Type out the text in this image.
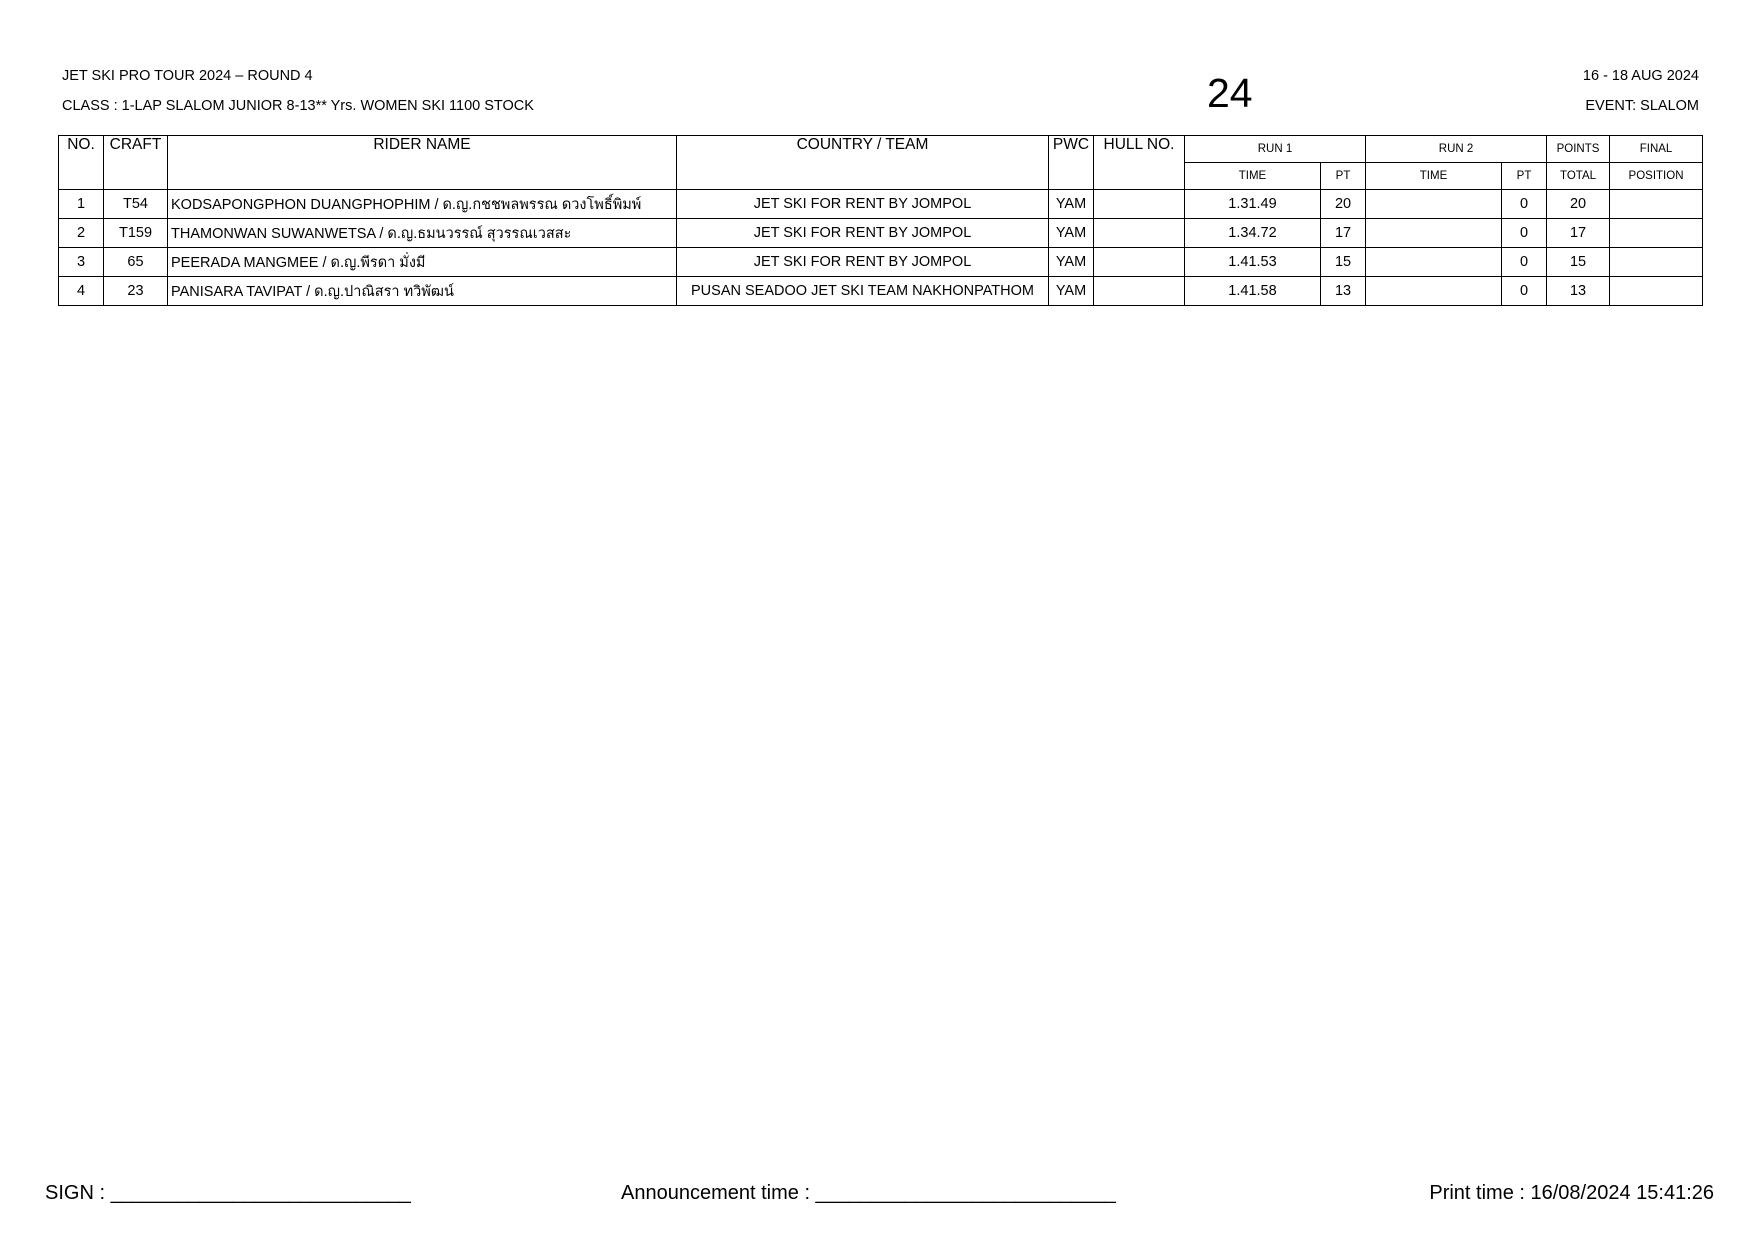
JET SKI PRO TOUR 2024 – ROUND 4
CLASS : 1-LAP SLALOM JUNIOR 8-13** Yrs. WOMEN SKI 1100 STOCK	24	16 - 18 AUG 2024
EVENT: SLALOM
NO.	CRAFT	RIDER NAME	COUNTRY / TEAM	PWC	HULL NO.	RUN 1		RUN 2		POINTS	FINAL
						TIME	PT	TIME	PT	TOTAL	POSITION
1	T54	KODSAPONGPHON DUANGPHOPHIM / ด.ญ.กชชพลพรรณ ดวงโพธิ์พิมพ์	JET SKI FOR RENT BY JOMPOL	YAM		1.31.49	20		0	20	
2	T159	THAMONWAN SUWANWETSA / ด.ญ.ธมนวรรณ์ สุวรรณเวสสะ	JET SKI FOR RENT BY JOMPOL	YAM		1.34.72	17		0	17	
3	65	PEERADA MANGMEE / ด.ญ.พีรดา มั่งมี	JET SKI FOR RENT BY JOMPOL	YAM		1.41.53	15		0	15	
4	23	PANISARA TAVIPAT / ด.ญ.ปาณิสรา ทวิพัฒน์	PUSAN SEADOO JET SKI TEAM NAKHONPATHOM	YAM		1.41.58	13		0	13	
SIGN : ___________________________	Announcement time : ___________________________	Print time : 16/08/2024 15:41:26
